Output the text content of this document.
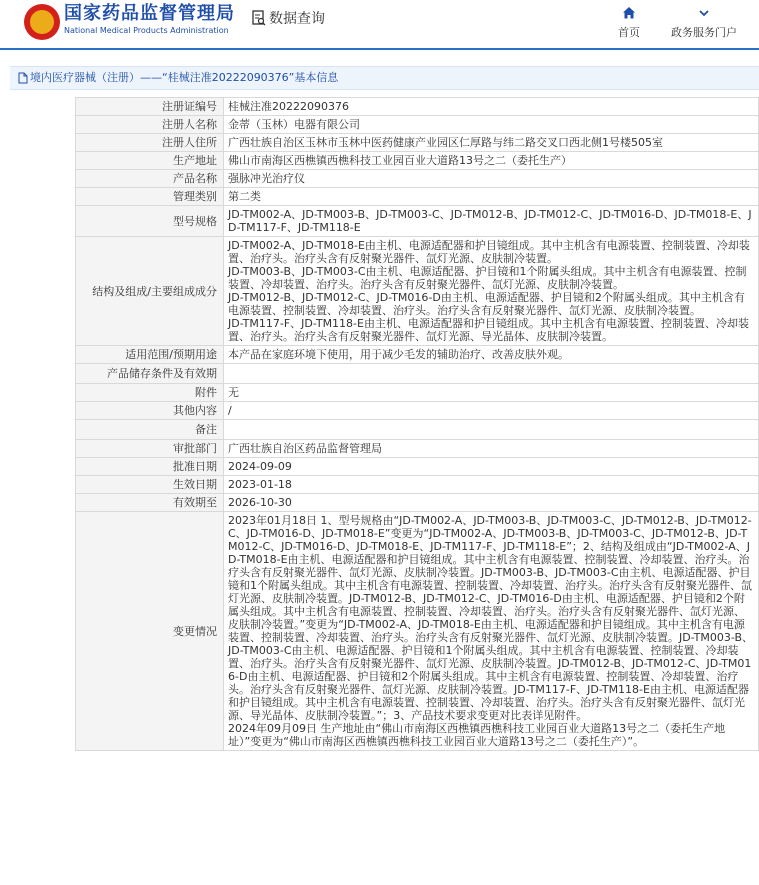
国家药品监督管理局
National Medical Products Administration
数据查询
首页	政务服务门户
境内医疗器械（注册）——“桂械注准20222090376”基本信息
注册证编号	桂械注准20222090376
注册人名称	金蒂（玉林）电器有限公司
注册人住所	广西壮族自治区玉林市玉林中医药健康产业园区仁厚路与纬二路交叉口西北侧1号楼505室
生产地址	佛山市南海区西樵镇西樵科技工业园百业大道路13号之二（委托生产）
产品名称	强脉冲光治疗仪
管理类别	第二类
型号规格	JD-TM002-A、JD-TM003-B、JD-TM003-C、JD-TM012-B、JD-TM012-C、JD-TM016-D、JD-TM018-E、JD-TM117-F、JD-TM118-E
结构及组成/主要组成成分	JD-TM002-A、JD-TM018-E由主机、电源适配器和护目镜组成。其中主机含有电源装置、控制装置、冷却装置、治疗头。治疗头含有反射聚光器件、氙灯光源、皮肤制冷装置。
JD-TM003-B、JD-TM003-C由主机、电源适配器、护目镜和1个附属头组成。其中主机含有电源装置、控制装置、冷却装置、治疗头。治疗头含有反射聚光器件、氙灯光源、皮肤制冷装置。
JD-TM012-B、JD-TM012-C、JD-TM016-D由主机、电源适配器、护目镜和2个附属头组成。其中主机含有电源装置、控制装置、冷却装置、治疗头。治疗头含有反射聚光器件、氙灯光源、皮肤制冷装置。
JD-TM117-F、JD-TM118-E由主机、电源适配器和护目镜组成。其中主机含有电源装置、控制装置、冷却装置、治疗头。治疗头含有反射聚光器件、氙灯光源、导光晶体、皮肤制冷装置。
适用范围/预期用途	本产品在家庭环境下使用，用于减少毛发的辅助治疗、改善皮肤外观。
产品储存条件及有效期	
附件	无
其他内容	/
备注	
审批部门	广西壮族自治区药品监督管理局
批准日期	2024-09-09
生效日期	2023-01-18
有效期至	2026-10-30
变更情况	2023年01月18日 1、型号规格由“JD-TM002-A、JD-TM003-B、JD-TM003-C、JD-TM012-B、JD-TM012-C、JD-TM016-D、JD-TM018-E”变更为“JD-TM002-A、JD-TM003-B、JD-TM003-C、JD-TM012-B、JD-TM012-C、JD-TM016-D、JD-TM018-E、JD-TM117-F、JD-TM118-E”；2、结构及组成由“JD-TM002-A、JD-TM018-E由主机、电源适配器和护目镜组成。其中主机含有电源装置、控制装置、冷却装置、治疗头。治疗头含有反射聚光器件、氙灯光源、皮肤制冷装置。JD-TM003-B、JD-TM003-C由主机、电源适配器、护目镜和1个附属头组成。其中主机含有电源装置、控制装置、冷却装置、治疗头。治疗头含有反射聚光器件、氙灯光源、皮肤制冷装置。JD-TM012-B、JD-TM012-C、JD-TM016-D由主机、电源适配器、护目镜和2个附属头组成。其中主机含有电源装置、控制装置、冷却装置、治疗头。治疗头含有反射聚光器件、氙灯光源、皮肤制冷装置。”变更为“JD-TM002-A、JD-TM018-E由主机、电源适配器和护目镜组成。其中主机含有电源装置、控制装置、冷却装置、治疗头。治疗头含有反射聚光器件、氙灯光源、皮肤制冷装置。JD-TM003-B、JD-TM003-C由主机、电源适配器、护目镜和1个附属头组成。其中主机含有电源装置、控制装置、冷却装置、治疗头。治疗头含有反射聚光器件、氙灯光源、皮肤制冷装置。JD-TM012-B、JD-TM012-C、JD-TM016-D由主机、电源适配器、护目镜和2个附属头组成。其中主机含有电源装置、控制装置、冷却装置、治疗头。治疗头含有反射聚光器件、氙灯光源、皮肤制冷装置。JD-TM117-F、JD-TM118-E由主机、电源适配器和护目镜组成。其中主机含有电源装置、控制装置、冷却装置、治疗头。治疗头含有反射聚光器件、氙灯光源、导光晶体、皮肤制冷装置。”；3、产品技术要求变更对比表详见附件。
2024年09月09日 生产地址由“佛山市南海区西樵镇西樵科技工业园百业大道路13号之二（委托生产地址）”变更为“佛山市南海区西樵镇西樵科技工业园百业大道路13号之二（委托生产）”。
